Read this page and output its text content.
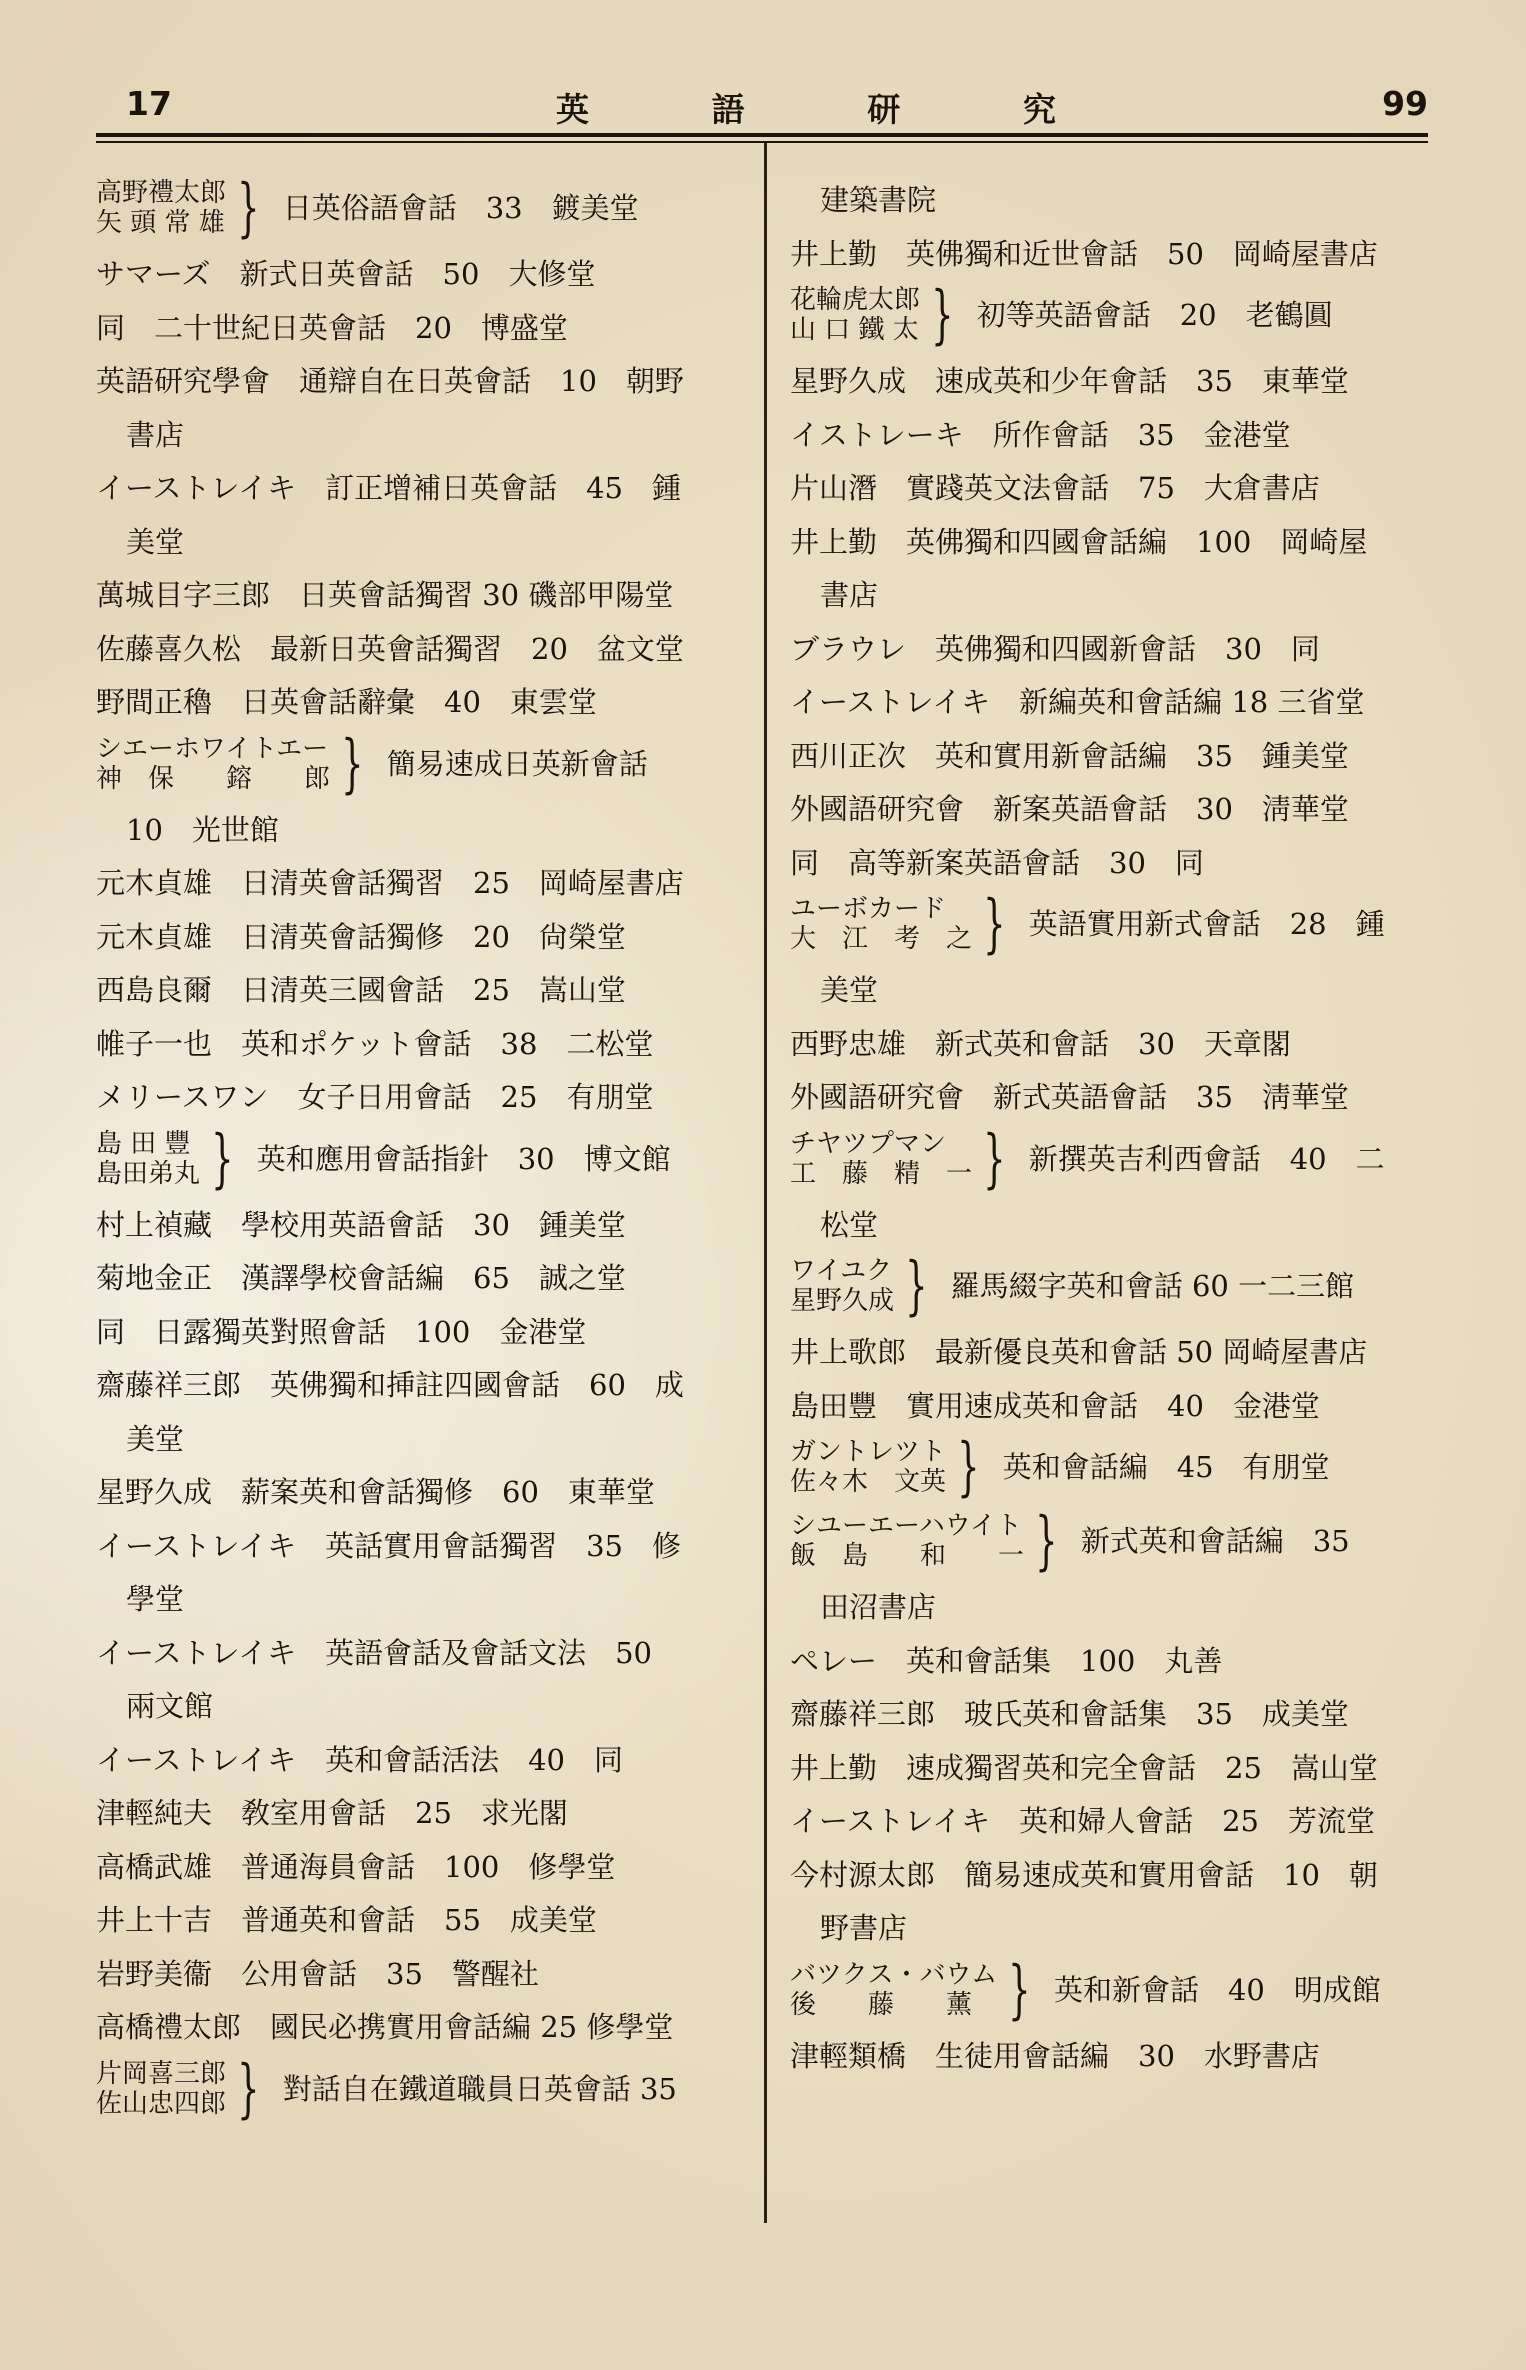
17	英	語	研	究	99
高野禮太郎
矢 頭 常 雄 } 日英俗語會話　33　鍍美堂
サマーズ　新式日英會話　50　大修堂
同　二十世紀日英會話　20　博盛堂
英語研究學會　通辯自在日英會話　10　朝野
書店
イーストレイキ　訂正增補日英會話　45　鍾
美堂
萬城目字三郎　日英會話獨習 30 磯部甲陽堂
佐藤喜久松　最新日英會話獨習　20　盆文堂
野間正穭　日英會話辭彙　40　東雲堂
シエーホワイトエー
神　保　　鎔　　郎 } 簡易速成日英新會話
10　光世館
元木貞雄　日清英會話獨習　25　岡崎屋書店
元木貞雄　日清英會話獨修　20　尙榮堂
西島良爾　日清英三國會話　25　嵩山堂
帷子一也　英和ポケット會話　38　二松堂
メリースワン　女子日用會話　25　有朋堂
島 田 豐
島田弟丸 } 英和應用會話指針　30　博文館
村上禎藏　學校用英語會話　30　鍾美堂
菊地金正　漢譯學校會話編　65　誠之堂
同　日露獨英對照會話　100　金港堂
齋藤祥三郎　英佛獨和挿註四國會話　60　成
美堂
星野久成　薪案英和會話獨修　60　東華堂
イーストレイキ　英話實用會話獨習　35　修
學堂
イーストレイキ　英語會話及會話文法　50
兩文館
イーストレイキ　英和會話活法　40　同
津輕純夫　敎室用會話　25　求光閣
高橋武雄　普通海員會話　100　修學堂
井上十吉　普通英和會話　55　成美堂
岩野美衞　公用會話　35　警醒社
高橋禮太郎　國民必携實用會話編 25 修學堂
片岡喜三郎
佐山忠四郎 } 對話自在鐵道職員日英會話 35
建築書院
井上勤　英佛獨和近世會話　50　岡崎屋書店
花輪虎太郎
山 口 鐵 太 } 初等英語會話　20　老鶴圓
星野久成　速成英和少年會話　35　東華堂
イストレーキ　所作會話　35　金港堂
片山潛　實踐英文法會話　75　大倉書店
井上勤　英佛獨和四國會話編　100　岡崎屋
書店
ブラウレ　英佛獨和四國新會話　30　同
イーストレイキ　新編英和會話編 18 三省堂
西川正次　英和實用新會話編　35　鍾美堂
外國語研究會　新案英語會話　30　淸華堂
同　高等新案英語會話　30　同
ユーボカード
大　江　考　之 } 英語實用新式會話　28　鍾
美堂
西野忠雄　新式英和會話　30　天章閣
外國語研究會　新式英語會話　35　淸華堂
チヤツプマン
工　藤　精　一 } 新撰英吉利西會話　40　二
松堂
ワイユク
星野久成 } 羅馬綴字英和會話 60 一二三館
井上歌郎　最新優良英和會話 50 岡崎屋書店
島田豐　實用速成英和會話　40　金港堂
ガントレツト
佐々木　文英 } 英和會話編　45　有朋堂
シユーエーハウイト
飯　島　　和　　一 } 新式英和會話編　35
田沼書店
ペレー　英和會話集　100　丸善
齋藤祥三郎　玻氏英和會話集　35　成美堂
井上勤　速成獨習英和完全會話　25　嵩山堂
イーストレイキ　英和婦人會話　25　芳流堂
今村源太郎　簡易速成英和實用會話　10　朝
野書店
バツクス・バウム
後　　藤　　薰 } 英和新會話　40　明成館
津輕類橋　生徒用會話編　30　水野書店
